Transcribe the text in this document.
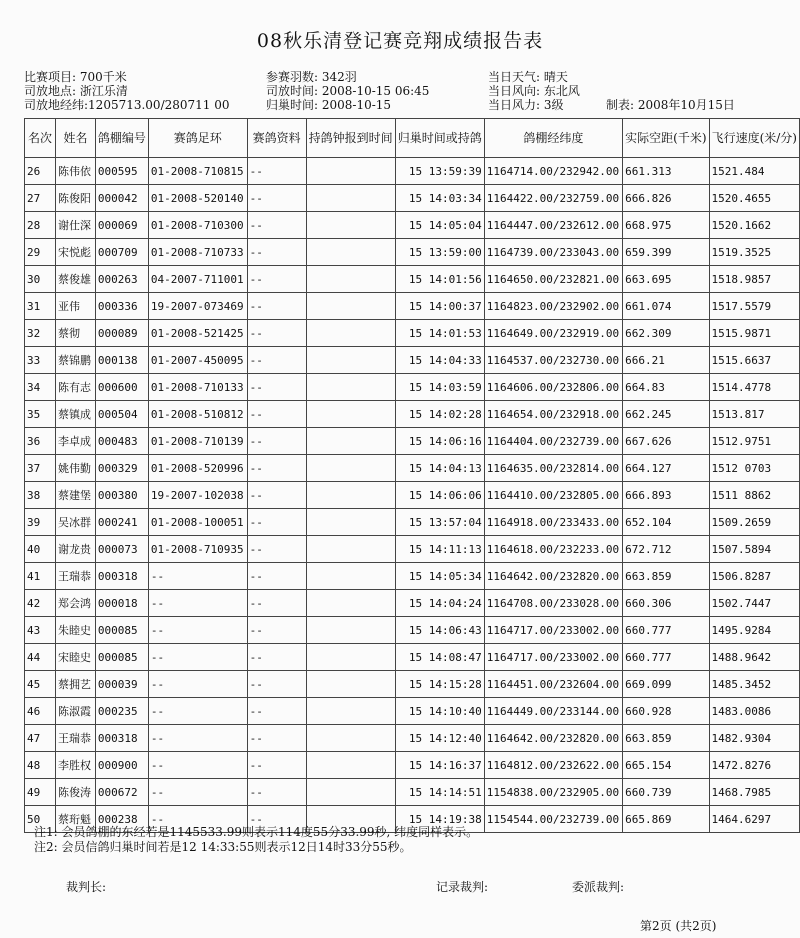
08秋乐清登记赛竞翔成绩报告表
比赛项目: 700千米
司放地点: 浙江乐清
司放地经纬:1205713.00/280711 00
参赛羽数: 342羽
司放时间: 2008-10-15 06:45
归巢时间: 2008-10-15
当日天气: 晴天
当日风向: 东北风
当日风力: 3级	制表: 2008年10月15日
名次	姓名	鸽棚编号	赛鸽足环	赛鸽资料	持鸽钟报到时间	归巢时间或持鸽	鸽棚经纬度	实际空距(千米)	飞行速度(米/分)
26	陈伟依	000595	01-2008-710815	--		15 13:59:39	1164714.00/232942.00	661.313	1521.484
27	陈俊阳	000042	01-2008-520140	--		15 14:03:34	1164422.00/232759.00	666.826	1520.4655
28	谢仕深	000069	01-2008-710300	--		15 14:05:04	1164447.00/232612.00	668.975	1520.1662
29	宋悦彪	000709	01-2008-710733	--		15 13:59:00	1164739.00/233043.00	659.399	1519.3525
30	蔡俊雄	000263	04-2007-711001	--		15 14:01:56	1164650.00/232821.00	663.695	1518.9857
31	亚伟	000336	19-2007-073469	--		15 14:00:37	1164823.00/232902.00	661.074	1517.5579
32	蔡彻	000089	01-2008-521425	--		15 14:01:53	1164649.00/232919.00	662.309	1515.9871
33	蔡锦鹏	000138	01-2007-450095	--		15 14:04:33	1164537.00/232730.00	666.21	1515.6637
34	陈有志	000600	01-2008-710133	--		15 14:03:59	1164606.00/232806.00	664.83	1514.4778
35	蔡镇成	000504	01-2008-510812	--		15 14:02:28	1164654.00/232918.00	662.245	1513.817
36	李卓成	000483	01-2008-710139	--		15 14:06:16	1164404.00/232739.00	667.626	1512.9751
37	姚伟勤	000329	01-2008-520996	--		15 14:04:13	1164635.00/232814.00	664.127	1512 0703
38	蔡建堡	000380	19-2007-102038	--		15 14:06:06	1164410.00/232805.00	666.893	1511 8862
39	吴冰群	000241	01-2008-100051	--		15 13:57:04	1164918.00/233433.00	652.104	1509.2659
40	谢龙贵	000073	01-2008-710935	--		15 14:11:13	1164618.00/232233.00	672.712	1507.5894
41	王瑞恭	000318	--	--		15 14:05:34	1164642.00/232820.00	663.859	1506.8287
42	郑会鸿	000018	--	--		15 14:04:24	1164708.00/233028.00	660.306	1502.7447
43	朱睦史	000085	--	--		15 14:06:43	1164717.00/233002.00	660.777	1495.9284
44	宋睦史	000085	--	--		15 14:08:47	1164717.00/233002.00	660.777	1488.9642
45	蔡拥艺	000039	--	--		15 14:15:28	1164451.00/232604.00	669.099	1485.3452
46	陈淑霞	000235	--	--		15 14:10:40	1164449.00/233144.00	660.928	1483.0086
47	王瑞恭	000318	--	--		15 14:12:40	1164642.00/232820.00	663.859	1482.9304
48	李胜权	000900	--	--		15 14:16:37	1164812.00/232622.00	665.154	1472.8276
49	陈俊涛	000672	--	--		15 14:14:51	1154838.00/232905.00	660.739	1468.7985
50	蔡珩魁	000238	--	--		15 14:19:38	1154544.00/232739.00	665.869	1464.6297
注1: 会员鸽棚的东经若是1145533.99则表示114度55分33.99秒, 纬度同样表示。
注2: 会员信鸽归巢时间若是12 14:33:55则表示12日14时33分55秒。
裁判长:	记录裁判:	委派裁判:
第2页 (共2页)
